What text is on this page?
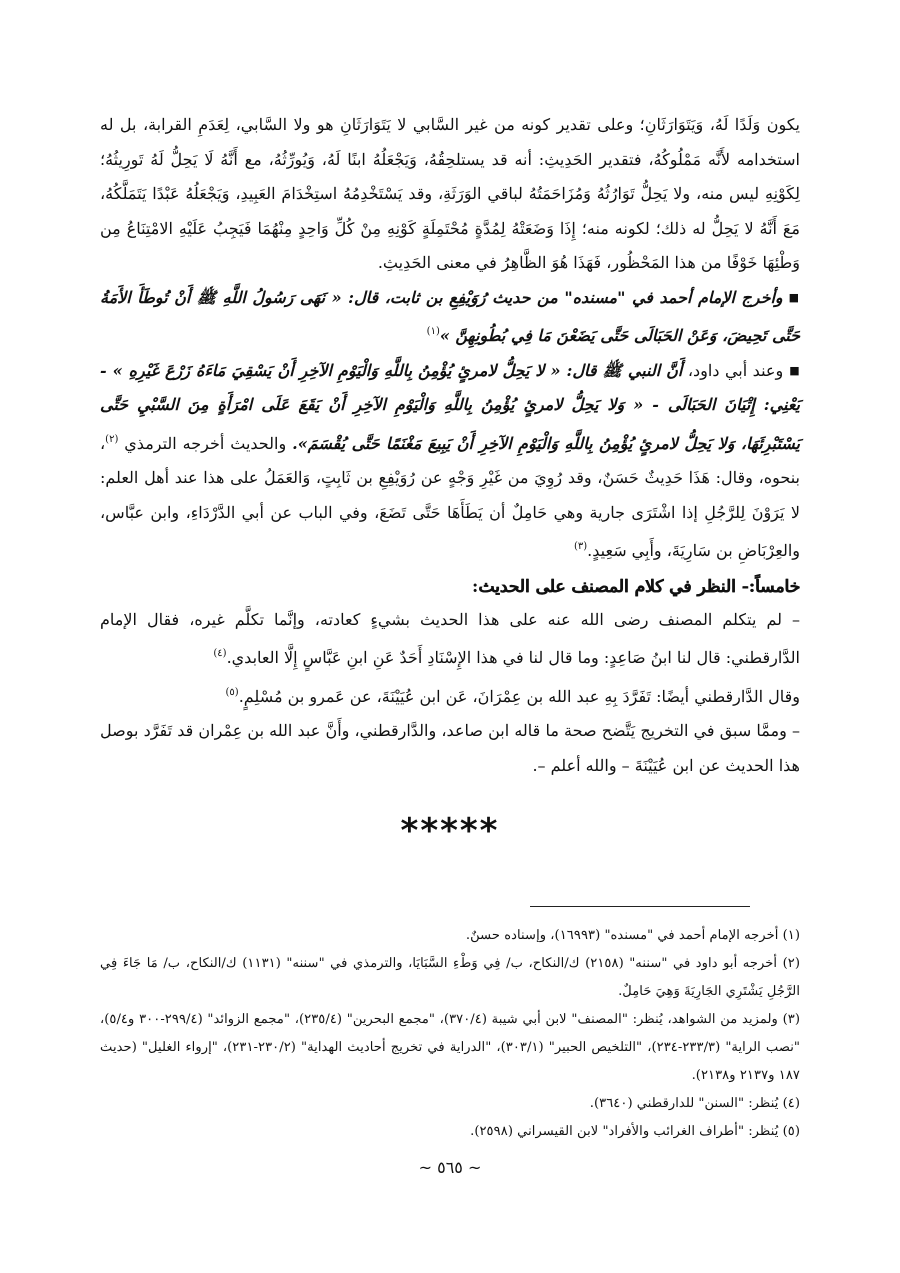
يكون وَلَدًا لَهُ، وَيَتَوَارَثَانِ؛ وعلى تقدير كونه من غير السَّابي لا يَتَوَارَثَانِ هو ولا السَّابي، لِعَدَمِ القرابة، بل له استخدامه لأَنَّه مَمْلُوكُهُ، فتقدير الحَدِيثِ: أنه قد يستلحِقُهُ، وَيَجْعَلُهُ ابنًا لَهُ، وَيُورِّثُهُ، مع أَنَّهُ لَا يَحِلُّ لَهُ تَورِيثُهُ؛ لِكَوْنِهِ ليس منه، ولا يَحِلُّ تَوَارُثُهُ وَمُزَاحَمَتُهُ لباقي الوَرَثَةِ، وقد يَسْتَخْدِمُهُ استِخْدَامَ العَبِيدِ، وَيَجْعَلُهُ عَبْدًا يَتَمَلَّكُهُ، مَعَ أَنَّهُ لا يَحِلُّ له ذلك؛ لكونه منه؛ إِذَا وَضَعَتْهُ لِمُدَّةٍ مُحْتَمِلَةٍ كَوْنِهِ مِنْ كُلِّ وَاحِدٍ مِنْهُمَا فَيَجِبُ عَلَيْهِ الامْتِنَاعُ مِن وَطْئِهَا خَوْفًا من هذا المَحْظُور، فَهَذَا هُوَ الظَّاهِرُ في معنى الحَدِيثِ.

■وأخرج الإمام أحمد في "مسنده" من حديث رُوَيْفِعِ بن ثابت، قال: « نَهَى رَسُولُ اللَّهِ ﷺ أَنْ تُوطَأَ الأَمَةُ حَتَّى تَحِيضَ، وَعَنْ الحَبَالَى حَتَّى يَضَعْنَ مَا فِي بُطُونِهِنَّ »$^{(١)}$

■وعند أبي داود، أَنَّ النبي ﷺ قال: « لا يَحِلُّ لامرئٍ يُؤْمِنُ بِاللَّهِ وَالْيَوْمِ الآخِرِ أَنْ يَسْقِيَ مَاءَهُ زَرْعَ غَيْرِهِ » - يَعْنِي: إِتْيَانَ الحَبَالَى - « وَلا يَحِلُّ لامرئٍ يُؤْمِنُ بِاللَّهِ وَالْيَوْمِ الآخِرِ أَنْ يَقَعَ عَلَى امْرَأَةٍ مِنَ السَّبْيِ حَتَّى يَسْتَبْرِئَهَا، وَلا يَحِلُّ لامرئٍ يُؤْمِنُ بِاللَّهِ وَالْيَوْمِ الآخِرِ أَنْ يَبِيعَ مَغْنَمًا حَتَّى يُقْسَمَ». والحديث أخرجه الترمذي $^{(٢)}$، بنحوه، وقال: هَذَا حَدِيثٌ حَسَنٌ، وقد رُوِيَ من غَيْرِ وَجْهٍ عن رُوَيْفِعِ بن ثَابِتٍ، وَالعَمَلُ على هذا عند أهل العلم: لا يَرَوْنَ لِلرَّجُلِ إذا اشْتَرَى جارية وهي حَامِلٌ أن يَطَأَهَا حَتَّى تَضَعَ، وفي الباب عن أبي الدَّرْدَاءِ، وابن عبَّاس، والعِرْبَاضِ بن سَارِيَةَ، وأَبِي سَعِيدٍ.$^{(٣)}$

خامساً:- النظر في كلام المصنف على الحديث:

– لم يتكلم المصنف رضى الله عنه على هذا الحديث بشيءٍ كعادته، وإنَّما تكلَّم غيره، فقال الإمام الدَّارقطني: قال لنا ابنُ صَاعِدٍ: وما قال لنا في هذا الإِسْنَادِ أَحَدٌ عَنِ ابنِ عَبَّاسٍ إِلَّا العابدي.$^{(٤)}$

وقال الدَّارقطني أيضًا: تَفَرَّدَ بِهِ عبد الله بن عِمْرَانَ، عَن ابن عُيَيْنَةَ، عن عَمرو بن مُسْلِمٍ.$^{(٥)}$

– وممَّا سبق في التخريج يَتَّضح صحة ما قاله ابن صاعد، والدَّارقطني، وأَنَّ عبد الله بن عِمْران قد تَفَرَّد بوصل هذا الحديث عن ابن عُيَيْنَةَ – والله أعلم –.

*****

(١) أخرجه الإمام أحمد في "مسنده" (١٦٩٩٣)، وإسناده حسنٌ.

(٢) أخرجه أبو داود في "سننه" (٢١٥٨) ك/النكاح، ب/ فِي وَطْءِ السَّبَايَا، والترمذي في "سننه" (١١٣١) ك/النكاح، ب/ مَا جَاءَ فِي الرَّجُلِ يَشْتَرِي الجَارِيَةَ وَهِيَ حَامِلٌ.

(٣) ولمزيد من الشواهد، يُنظر: "المصنف" لابن أبي شيبة (٣٧٠/٤)، "مجمع البحرين" (٢٣٥/٤)، "مجمع الزوائد" (٢٩٩/٤-٣٠٠ و٥/٤)، "نصب الراية" (٢٣٣/٣-٢٣٤)، "التلخيص الحبير" (٣٠٣/١)، "الدراية في تخريج أحاديث الهداية" (٢٣٠/٢-٢٣١)، "إرواء الغليل" (حديث ١٨٧ و٢١٣٧ و٢١٣٨).

(٤) يُنظر: "السنن" للدارقطني (٣٦٤٠).

(٥) يُنظر: "أطراف الغرائب والأفراد" لابن القيسراني (٢٥٩٨).

~ ٥٦٥ ~
